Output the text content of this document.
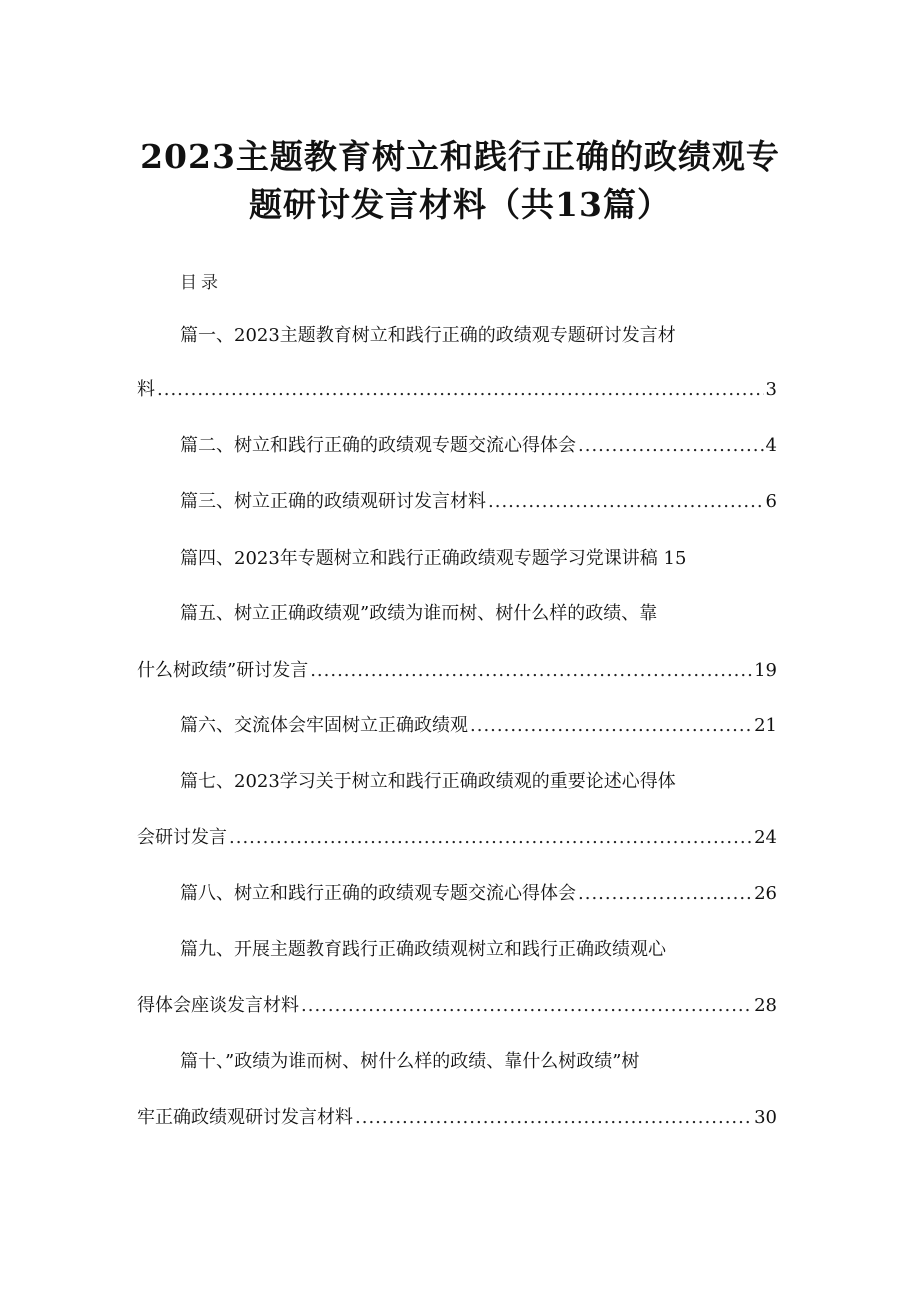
2023主题教育树立和践行正确的政绩观专
题研讨发言材料（共13篇）
目录
篇一、2023主题教育树立和践行正确的政绩观专题研讨发言材
料 .....	3
篇二、树立和践行正确的政绩观专题交流心得体会 .....	4
篇三、树立正确的政绩观研讨发言材料 .....	6
篇四、2023年专题树立和践行正确政绩观专题学习党课讲稿 15
篇五、树立正确政绩观”政绩为谁而树、树什么样的政绩、靠
什么树政绩”研讨发言 .....	19
篇六、交流体会牢固树立正确政绩观 .....	21
篇七、2023学习关于树立和践行正确政绩观的重要论述心得体
会研讨发言 .....	24
篇八、树立和践行正确的政绩观专题交流心得体会 .....	26
篇九、开展主题教育践行正确政绩观树立和践行正确政绩观心
得体会座谈发言材料 .....	28
篇十、”政绩为谁而树、树什么样的政绩、靠什么树政绩”树
牢正确政绩观研讨发言材料 .....	30
